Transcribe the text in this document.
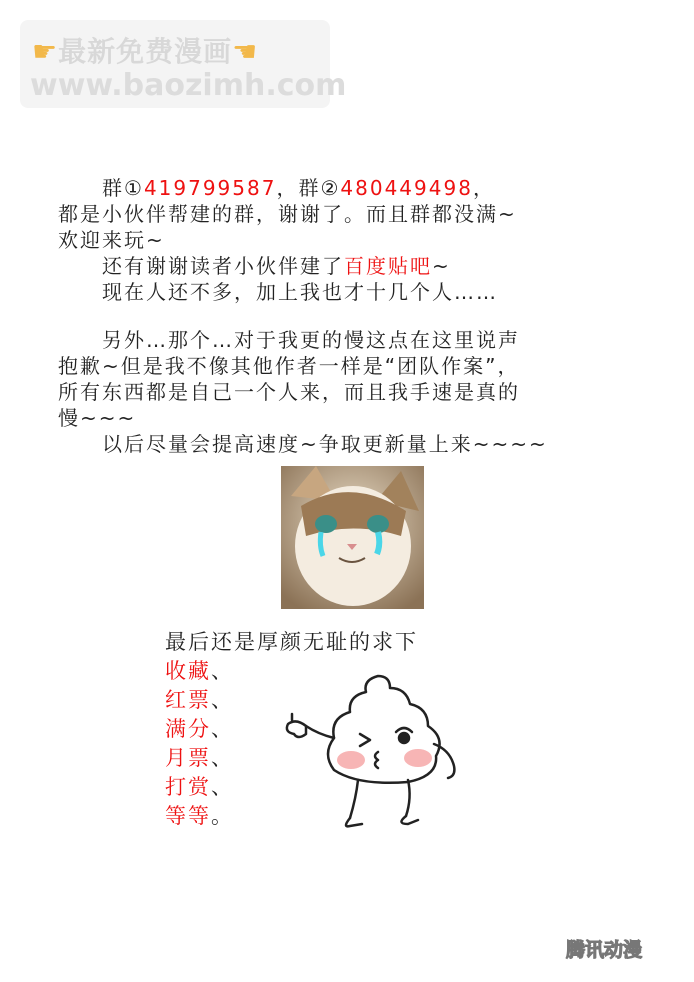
☛最新免费漫画☚
www.baozimh.com

群①419799587，群②480449498，

都是小伙伴帮建的群，谢谢了。而且群都没满~

欢迎来玩~

还有谢谢读者小伙伴建了百度贴吧~

现在人还不多，加上我也才十几个人……

另外…那个…对于我更的慢这点在这里说声

抱歉~但是我不像其他作者一样是“团队作案”，

所有东西都是自己一个人来，而且我手速是真的

慢~~~

以后尽量会提高速度~争取更新量上来~~~~

最后还是厚颜无耻的求下
收藏、
红票、
满分、
月票、
打赏、
等等。
腾讯动漫
